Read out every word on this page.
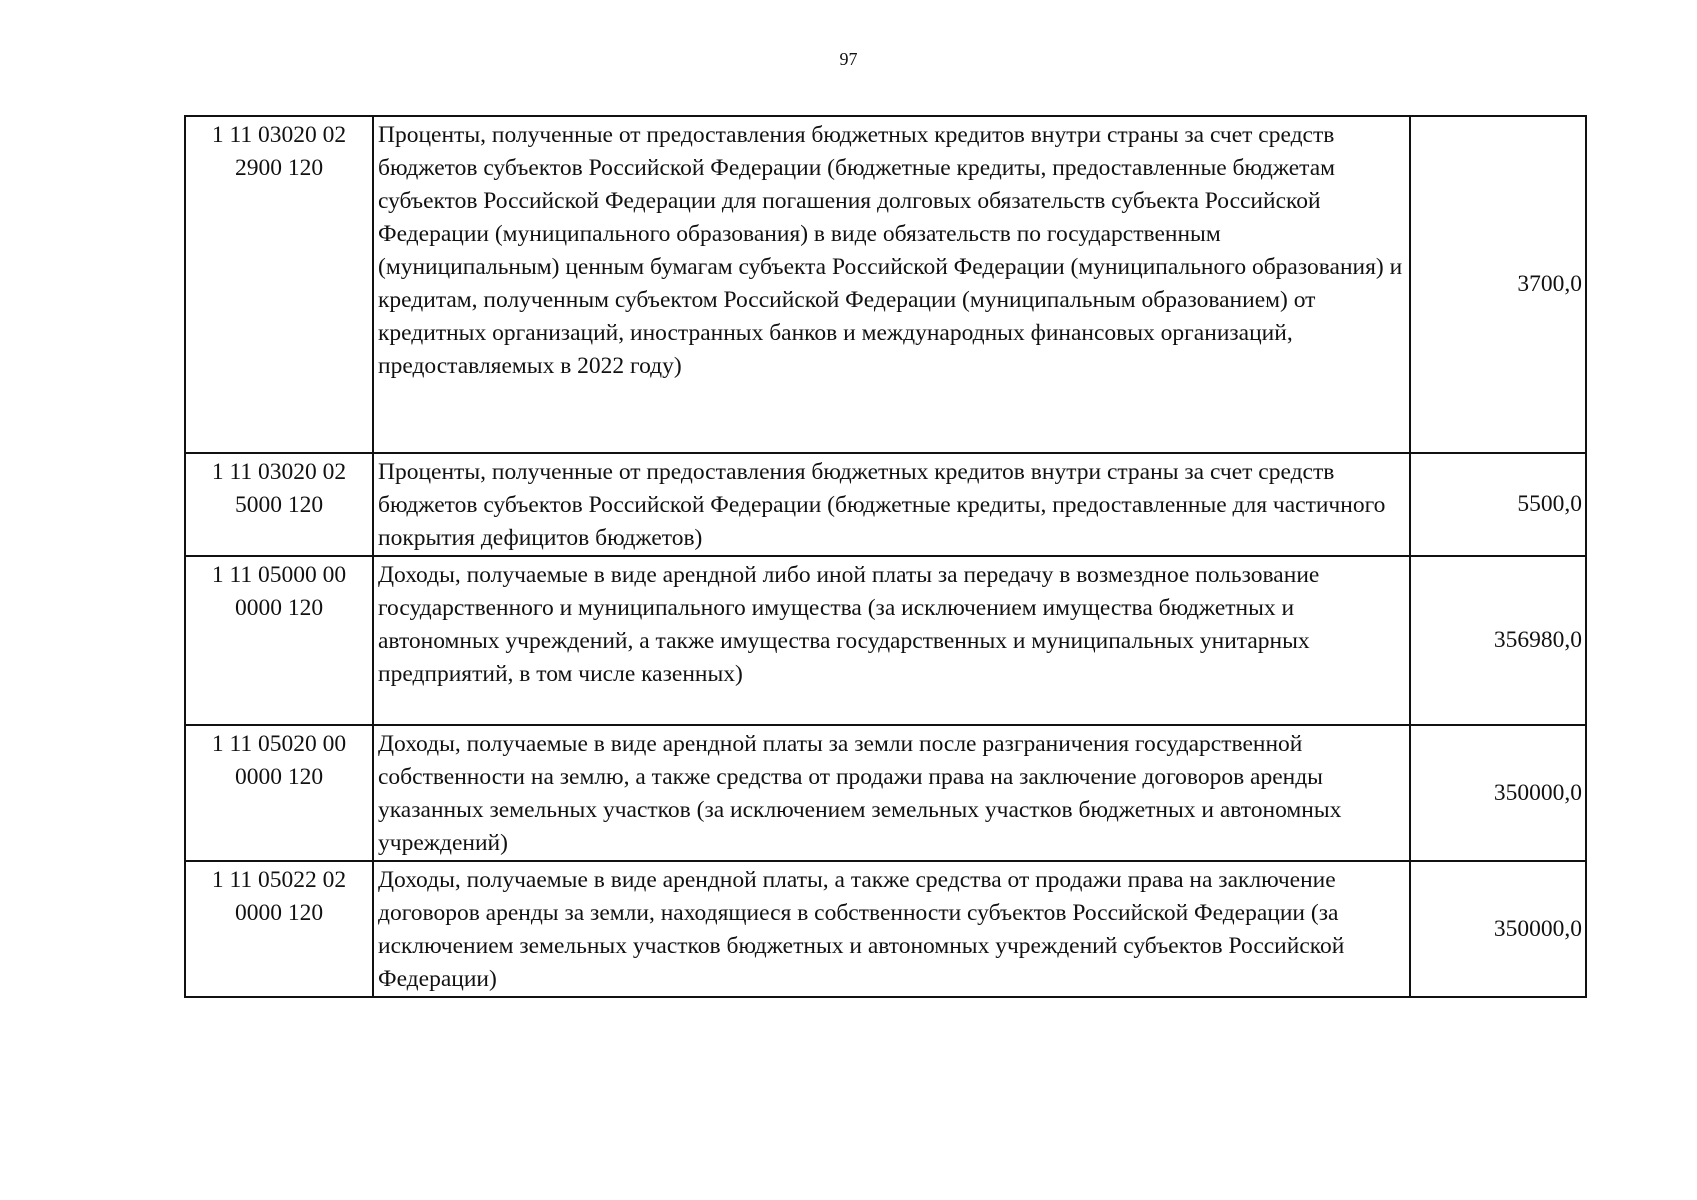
97
1 11 03020 02
2900 120	Проценты, полученные от предоставления бюджетных кредитов внутри страны за счет средств бюджетов субъектов Российской Федерации (бюджетные кредиты, предоставленные бюджетам субъектов Российской Федерации для погашения долговых обязательств субъекта Российской Федерации (муниципального образования) в виде обязательств по государственным (муниципальным) ценным бумагам субъекта Российской Федерации (муниципального образования) и кредитам, полученным субъектом Российской Федерации (муниципальным образованием) от кредитных организаций, иностранных банков и международных финансовых организаций, предоставляемых в 2022 году)	3700,0

1 11 03020 02
5000 120	Проценты, полученные от предоставления бюджетных кредитов внутри страны за счет средств бюджетов субъектов Российской Федерации (бюджетные кредиты, предоставленные для частичного покрытия дефицитов бюджетов)	5500,0

1 11 05000 00
0000 120	Доходы, получаемые в виде арендной либо иной платы за передачу в возмездное пользование государственного и муниципального имущества (за исключением имущества бюджетных и автономных учреждений, а также имущества государственных и муниципальных унитарных предприятий, в том числе казенных)	356980,0

1 11 05020 00
0000 120	Доходы, получаемые в виде арендной платы за земли после разграничения государственной собственности на землю, а также средства от продажи права на заключение договоров аренды указанных земельных участков (за исключением земельных участков бюджетных и автономных учреждений)	350000,0

1 11 05022 02
0000 120	Доходы, получаемые в виде арендной платы, а также средства от продажи права на заключение договоров аренды за земли, находящиеся в собственности субъектов Российской Федерации (за исключением земельных участков бюджетных и автономных учреждений субъектов Российской Федерации)	350000,0
